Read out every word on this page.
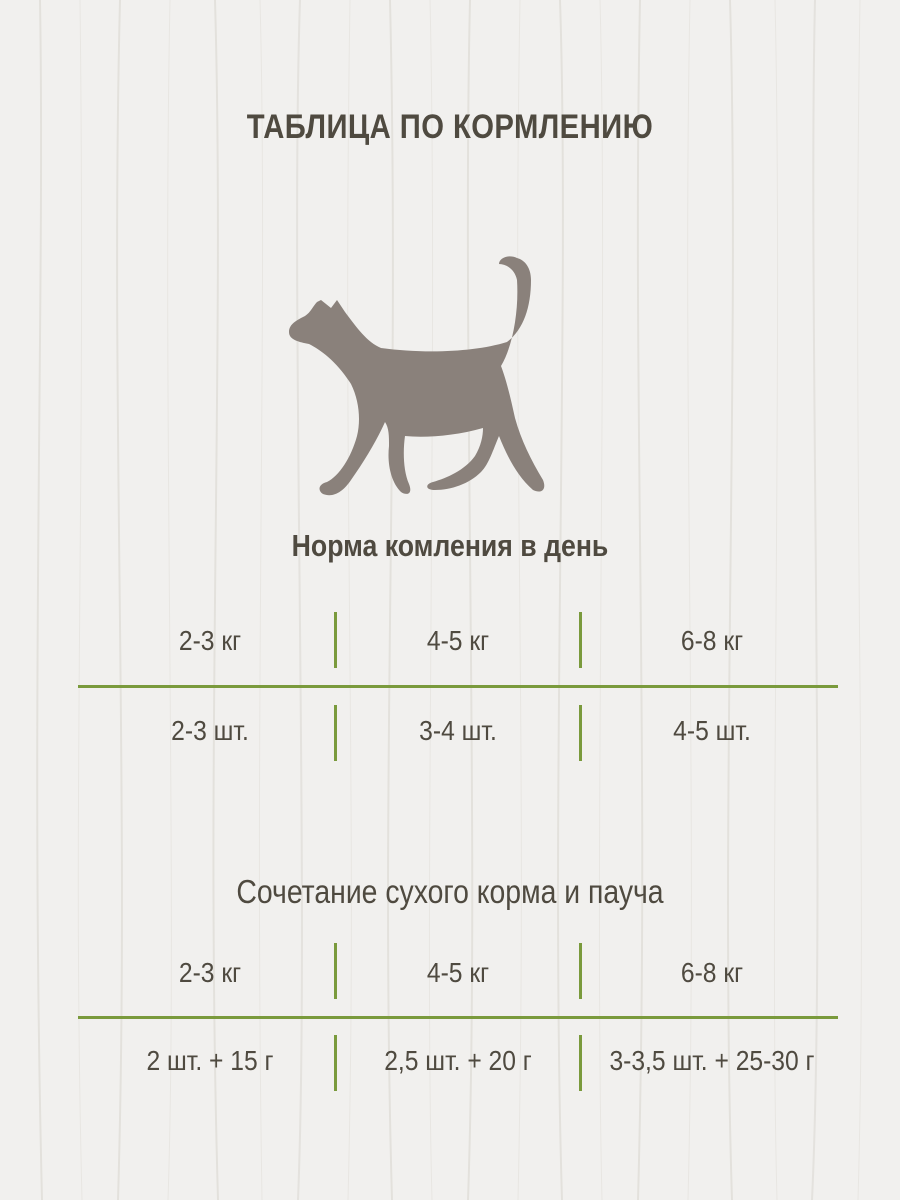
ТАБЛИЦА ПО КОРМЛЕНИЮ
Норма комления в день
2-3 кг	4-5 кг	6-8 кг
2-3 шт.	3-4 шт.	4-5 шт.
Сочетание сухого корма и пауча
2-3 кг	4-5 кг	6-8 кг
2 шт. + 15 г	2,5 шт. + 20 г	3-3,5 шт. + 25-30 г
